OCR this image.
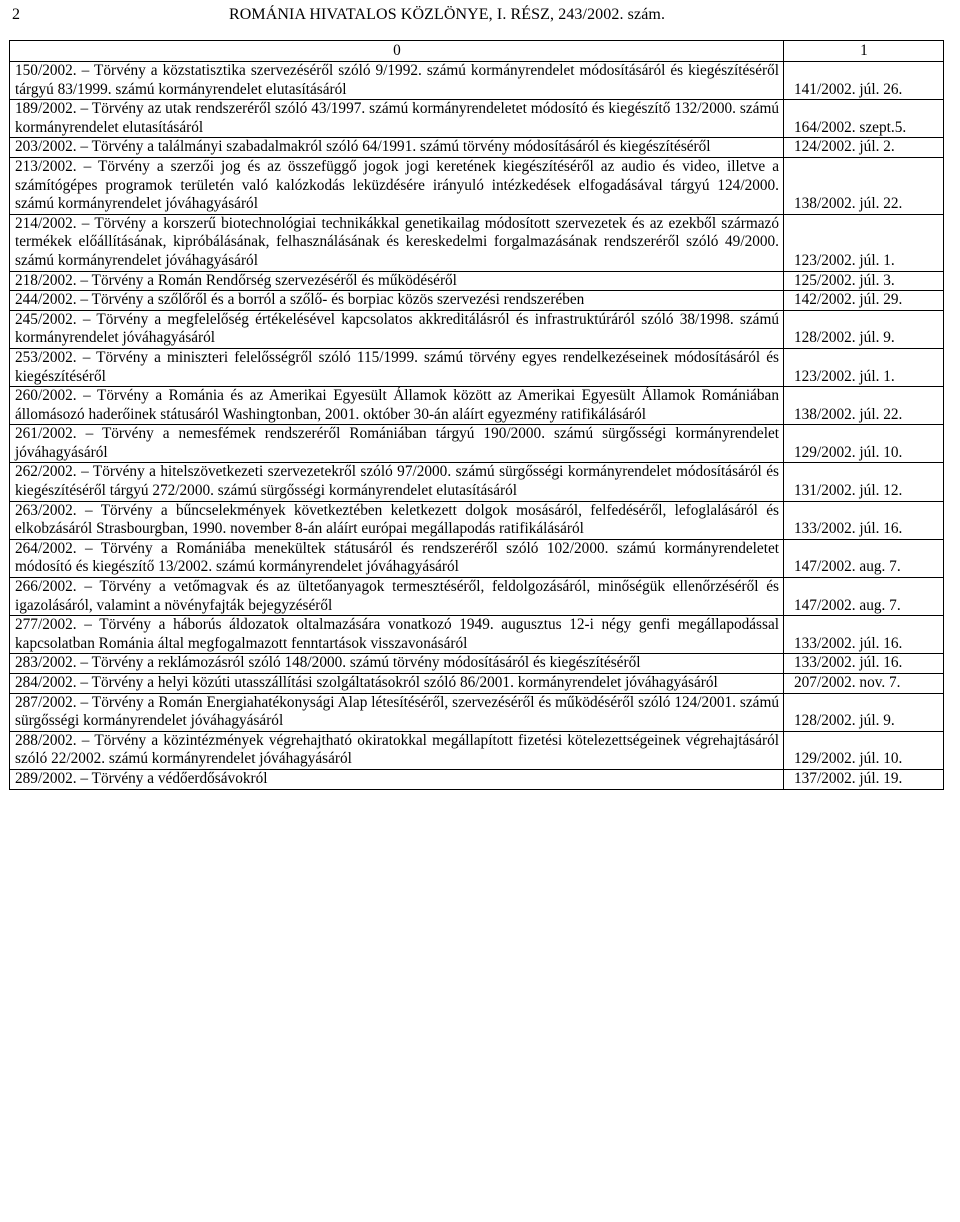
2	ROMÁNIA HIVATALOS KÖZLÖNYE, I. RÉSZ, 243/2002. szám.
0	1
150/2002. – Törvény a közstatisztika szervezéséről szóló 9/1992. számú kormányrendelet módosításáról és kiegészítéséről tárgyú 83/1999. számú kormányrendelet elutasításáról	141/2002. júl. 26.
189/2002. – Törvény az utak rendszeréről szóló 43/1997. számú kormányrendeletet módosító és kiegészítő 132/2000. számú kormányrendelet elutasításáról	164/2002. szept.5.
203/2002. – Törvény a találmányi szabadalmakról szóló 64/1991. számú törvény módosításáról és kiegészítéséről	124/2002. júl. 2.
213/2002. – Törvény a szerzői jog és az összefüggő jogok jogi keretének kiegészítéséről az audio és video, illetve a számítógépes programok területén való kalózkodás leküzdésére irányuló intézkedések elfogadásával tárgyú 124/2000. számú kormányrendelet jóváhagyásáról	138/2002. júl. 22.
214/2002. – Törvény a korszerű biotechnológiai technikákkal genetikailag módosított szervezetek és az ezekből származó termékek előállításának, kipróbálásának, felhasználásának és kereskedelmi forgalmazásának rendszeréről szóló 49/2000. számú kormányrendelet jóváhagyásáról	123/2002. júl. 1.
218/2002. – Törvény a Román Rendőrség szervezéséről és működéséről	125/2002. júl. 3.
244/2002. – Törvény a szőlőről és a borról a szőlő- és borpiac közös szervezési rendszerében	142/2002. júl. 29.
245/2002. – Törvény a megfelelőség értékelésével kapcsolatos akkreditálásról és infrastruktúráról szóló 38/1998. számú kormányrendelet jóváhagyásáról	128/2002. júl. 9.
253/2002. – Törvény a miniszteri felelősségről szóló 115/1999. számú törvény egyes rendelkezéseinek módosításáról és kiegészítéséről	123/2002. júl. 1.
260/2002. – Törvény a Románia és az Amerikai Egyesült Államok között az Amerikai Egyesült Államok Romániában állomásozó haderőinek státusáról Washingtonban, 2001. október 30-án aláírt egyezmény ratifikálásáról	138/2002. júl. 22.
261/2002. – Törvény a nemesfémek rendszeréről Romániában tárgyú 190/2000. számú sürgősségi kormányrendelet jóváhagyásáról	129/2002. júl. 10.
262/2002. – Törvény a hitelszövetkezeti szervezetekről szóló 97/2000. számú sürgősségi kormányrendelet módosításáról és kiegészítéséről tárgyú 272/2000. számú sürgősségi kormányrendelet elutasításáról	131/2002. júl. 12.
263/2002. – Törvény a bűncselekmények következtében keletkezett dolgok mosásáról, felfedéséről, lefoglalásáról és elkobzásáról Strasbourgban, 1990. november 8-án aláírt európai megállapodás ratifikálásáról	133/2002. júl. 16.
264/2002. – Törvény a Romániába menekültek státusáról és rendszeréről szóló 102/2000. számú kormányrendeletet módosító és kiegészítő 13/2002. számú kormányrendelet jóváhagyásáról	147/2002. aug. 7.
266/2002. – Törvény a vetőmagvak és az ültetőanyagok termesztéséről, feldolgozásáról, minőségük ellenőrzéséről és igazolásáról, valamint a növényfajták bejegyzéséről	147/2002. aug. 7.
277/2002. – Törvény a háborús áldozatok oltalmazására vonatkozó 1949. augusztus 12-i négy genfi megállapodással kapcsolatban Románia által megfogalmazott fenntartások visszavonásáról	133/2002. júl. 16.
283/2002. – Törvény a reklámozásról szóló 148/2000. számú törvény módosításáról és kiegészítéséről	133/2002. júl. 16.
284/2002. – Törvény a helyi közúti utasszállítási szolgáltatásokról szóló 86/2001. kormányrendelet jóváhagyásáról	207/2002. nov. 7.
287/2002. – Törvény a Román Energiahatékonysági Alap létesítéséről, szervezéséről és működéséről szóló 124/2001. számú sürgősségi kormányrendelet jóváhagyásáról	128/2002. júl. 9.
288/2002. – Törvény a közintézmények végrehajtható okiratokkal megállapított fizetési kötelezettségeinek végrehajtásáról szóló 22/2002. számú kormányrendelet jóváhagyásáról	129/2002. júl. 10.
289/2002. – Törvény a védőerdősávokról	137/2002. júl. 19.
